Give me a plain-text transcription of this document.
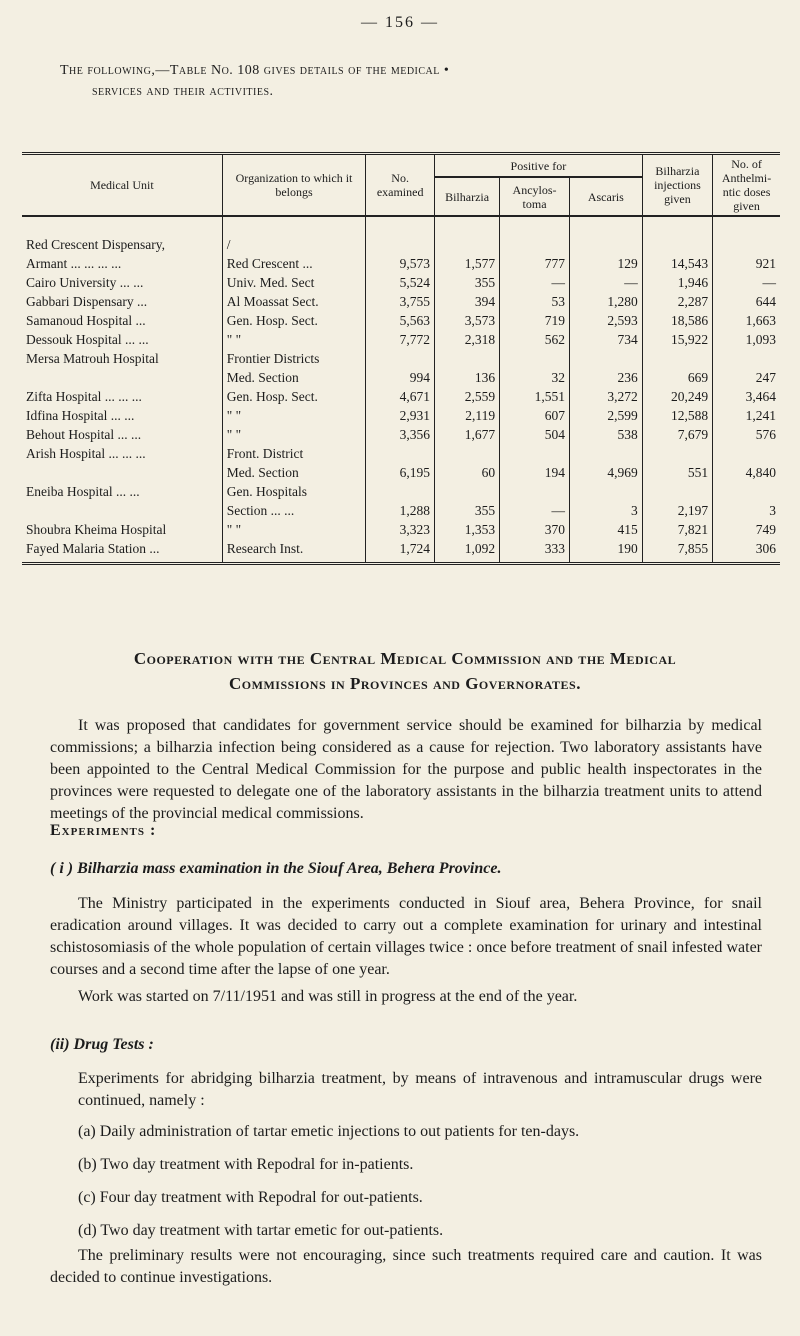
— 156 —
The following,—Table No. 108 gives details of the medical •
services and their activities.
Medical Unit	Organization to which it belongs	No. examined	Positive for			Bilharzia injections given	No. of Anthelmi-ntic doses given
			Bilharzia	Ancylos-toma	Ascaris		
Red Crescent Dispensary,	/						
Armant ... ... ... ...	Red Crescent ...	9,573	1,577	777	129	14,543	921
Cairo University ... ...	Univ. Med. Sect	5,524	355	—	—	1,946	—
Gabbari Dispensary ...	Al Moassat Sect.	3,755	394	53	1,280	2,287	644
Samanoud Hospital ...	Gen. Hosp. Sect.	5,563	3,573	719	2,593	18,586	1,663
Dessouk Hospital ... ...	" "	7,772	2,318	562	734	15,922	1,093
Mersa Matrouh Hospital	Frontier Districts						
	Med. Section	994	136	32	236	669	247
Zifta Hospital ... ... ...	Gen. Hosp. Sect.	4,671	2,559	1,551	3,272	20,249	3,464
Idfina Hospital ... ...	" "	2,931	2,119	607	2,599	12,588	1,241
Behout Hospital ... ...	" "	3,356	1,677	504	538	7,679	576
Arish Hospital ... ... ...	Front. District						
	Med. Section	6,195	60	194	4,969	551	4,840
Eneiba Hospital ... ...	Gen. Hospitals						
	Section ... ...	1,288	355	—	3	2,197	3
Shoubra Kheima Hospital	" "	3,323	1,353	370	415	7,821	749
Fayed Malaria Station ...	Research Inst.	1,724	1,092	333	190	7,855	306
Cooperation with the Central Medical Commission and the Medical
Commissions in Provinces and Governorates.
It was proposed that candidates for government service should be examined for bilharzia by medical commissions; a bilharzia infection being considered as a cause for rejection. Two laboratory assistants have been appointed to the Central Medical Commission for the purpose and public health inspectorates in the provinces were requested to delegate one of the laboratory assistants in the bilharzia treatment units to attend meetings of the provincial medical commissions.
Experiments :
( i ) Bilharzia mass examination in the Siouf Area, Behera Province.
The Ministry participated in the experiments conducted in Siouf area, Behera Province, for snail eradication around villages. It was decided to carry out a complete examination for urinary and intestinal schistosomiasis of the whole population of certain villages twice : once before treatment of snail infested water courses and a second time after the lapse of one year.
Work was started on 7/11/1951 and was still in progress at the end of the year.
(ii) Drug Tests :
Experiments for abridging bilharzia treatment, by means of intravenous and intramuscular drugs were continued, namely :
(a) Daily administration of tartar emetic injections to out patients for ten-days.
(b) Two day treatment with Repodral for in-patients.
(c) Four day treatment with Repodral for out-patients.
(d) Two day treatment with tartar emetic for out-patients.
The preliminary results were not encouraging, since such treatments required care and caution. It was decided to continue investigations.
